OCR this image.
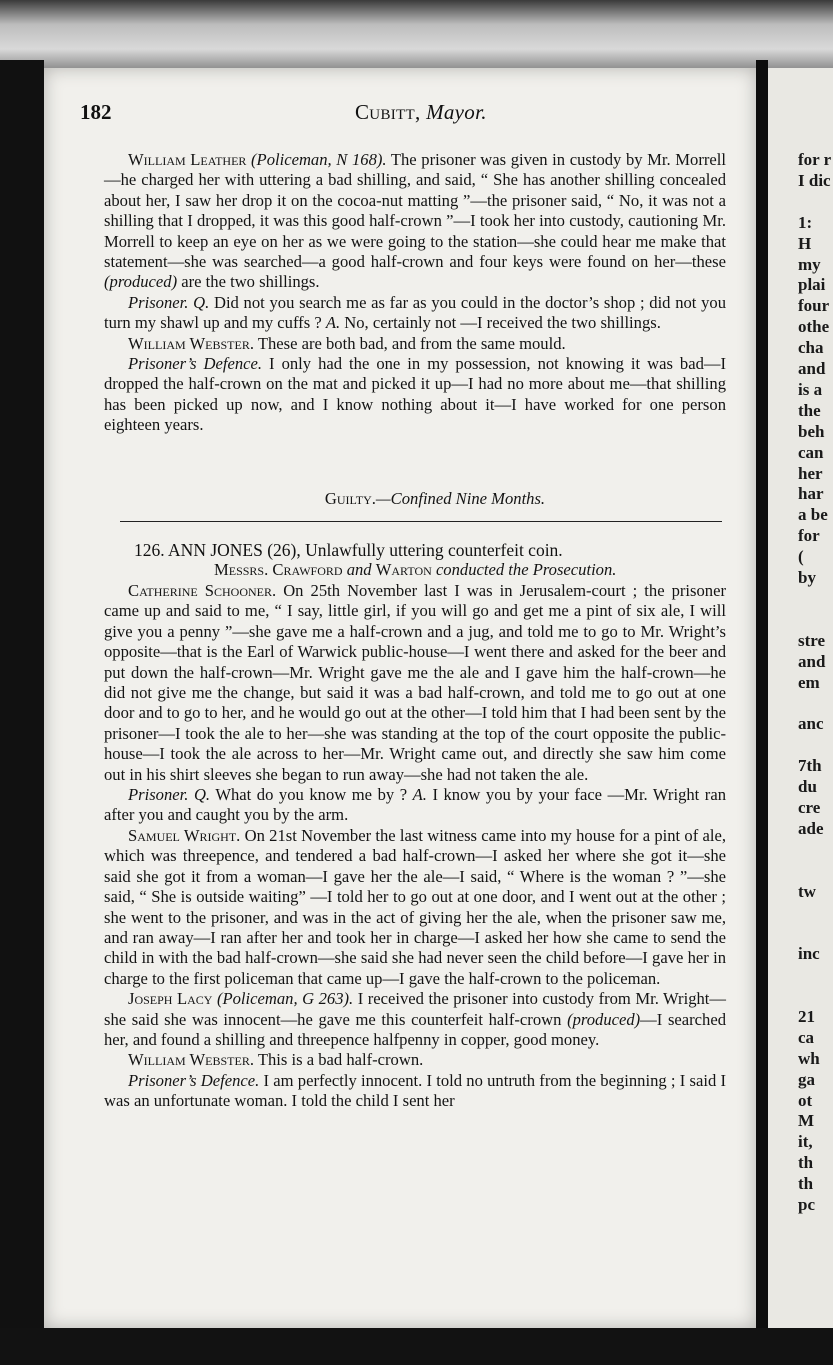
182	Cubitt, Mayor.

William Leather (Policeman, N 168). The prisoner was given in custody by Mr. Morrell—he charged her with uttering a bad shilling, and said, “ She has another shilling concealed about her, I saw her drop it on the cocoa-nut matting ”—the prisoner said, “ No, it was not a shilling that I dropped, it was this good half-crown ”—I took her into custody, cautioning Mr. Morrell to keep an eye on her as we were going to the station—she could hear me make that statement—she was searched—a good half-crown and four keys were found on her—these (produced) are the two shillings.

Prisoner. Q. Did not you search me as far as you could in the doctor’s shop ; did not you turn my shawl up and my cuffs ? A. No, certainly not —I received the two shillings.

William Webster. These are both bad, and from the same mould.

Prisoner’s Defence. I only had the one in my possession, not knowing it was bad—I dropped the half-crown on the mat and picked it up—I had no more about me—that shilling has been picked up now, and I know nothing about it—I have worked for one person eighteen years.

Guilty.—Confined Nine Months.
126. ANN JONES (26), Unlawfully uttering counterfeit coin.
Messrs. Crawford and Warton conducted the Prosecution.

Catherine Schooner. On 25th November last I was in Jerusalem-court ; the prisoner came up and said to me, “ I say, little girl, if you will go and get me a pint of six ale, I will give you a penny ”—she gave me a half-crown and a jug, and told me to go to Mr. Wright’s opposite—that is the Earl of Warwick public-house—I went there and asked for the beer and put down the half-crown—Mr. Wright gave me the ale and I gave him the half-crown—he did not give me the change, but said it was a bad half-crown, and told me to go out at one door and to go to her, and he would go out at the other—I told him that I had been sent by the prisoner—I took the ale to her—she was standing at the top of the court opposite the public-house—I took the ale across to her—Mr. Wright came out, and directly she saw him come out in his shirt sleeves she began to run away—she had not taken the ale.

Prisoner. Q. What do you know me by ? A. I know you by your face —Mr. Wright ran after you and caught you by the arm.

Samuel Wright. On 21st November the last witness came into my house for a pint of ale, which was threepence, and tendered a bad half-crown—I asked her where she got it—she said she got it from a woman—I gave her the ale—I said, “ Where is the woman ? ”—she said, “ She is outside waiting” —I told her to go out at one door, and I went out at the other ; she went to the prisoner, and was in the act of giving her the ale, when the prisoner saw me, and ran away—I ran after her and took her in charge—I asked her how she came to send the child in with the bad half-crown—she said she had never seen the child before—I gave her in charge to the first policeman that came up—I gave the half-crown to the policeman.

Joseph Lacy (Policeman, G 263). I received the prisoner into custody from Mr. Wright—she said she was innocent—he gave me this counterfeit half-crown (produced)—I searched her, and found a shilling and threepence halfpenny in copper, good money.

William Webster. This is a bad half-crown.

Prisoner’s Defence. I am perfectly innocent. I told no untruth from the beginning ; I said I was an unfortunate woman. I told the child I sent her

for r
I dic
1:
H
my
plai
four
othe
cha
and
is a
the
beh
can
her
har
a be
for
(
by
stre
and
em
anc
7th
du
cre
ade
tw
inc
21
ca
wh
ga
ot
M
it,
th
th
pc
